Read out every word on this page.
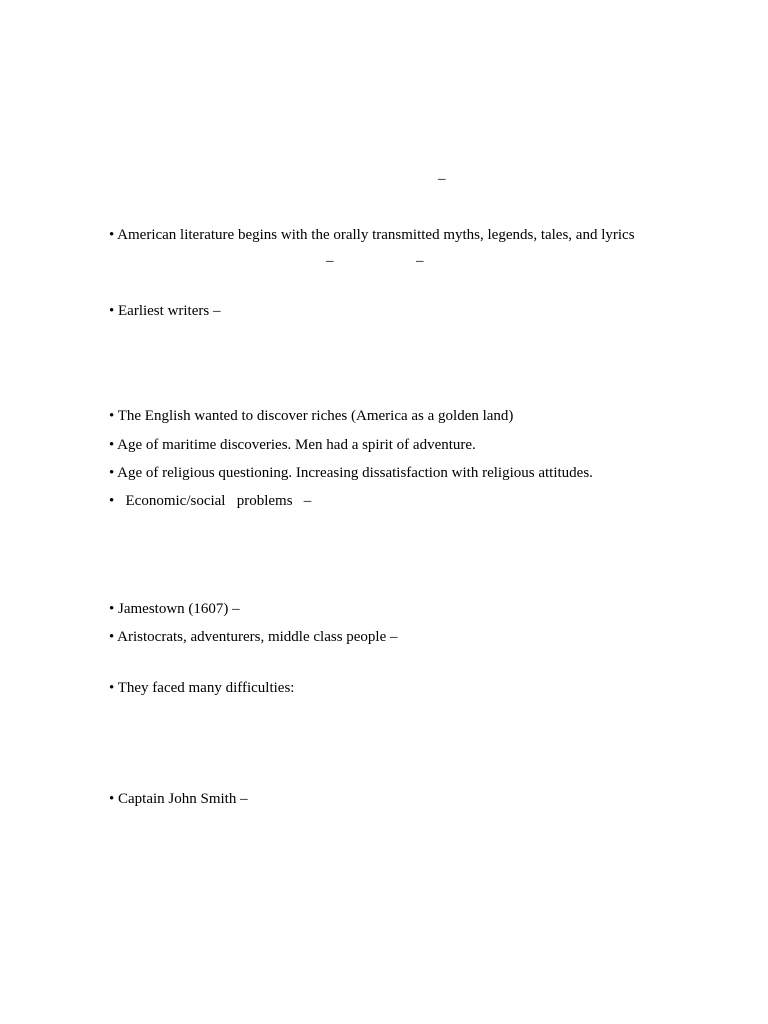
–
• American literature begins with the orally transmitted myths, legends, tales, and lyrics
–	–
• Earliest writers –
• The English wanted to discover riches (America as a golden land)
• Age of maritime discoveries. Men had a spirit of adventure.
• Age of religious questioning. Increasing dissatisfaction with religious attitudes.
•   Economic/social   problems   –
• Jamestown (1607) –
• Aristocrats, adventurers, middle class people –
• They faced many difficulties:
• Captain John Smith –
